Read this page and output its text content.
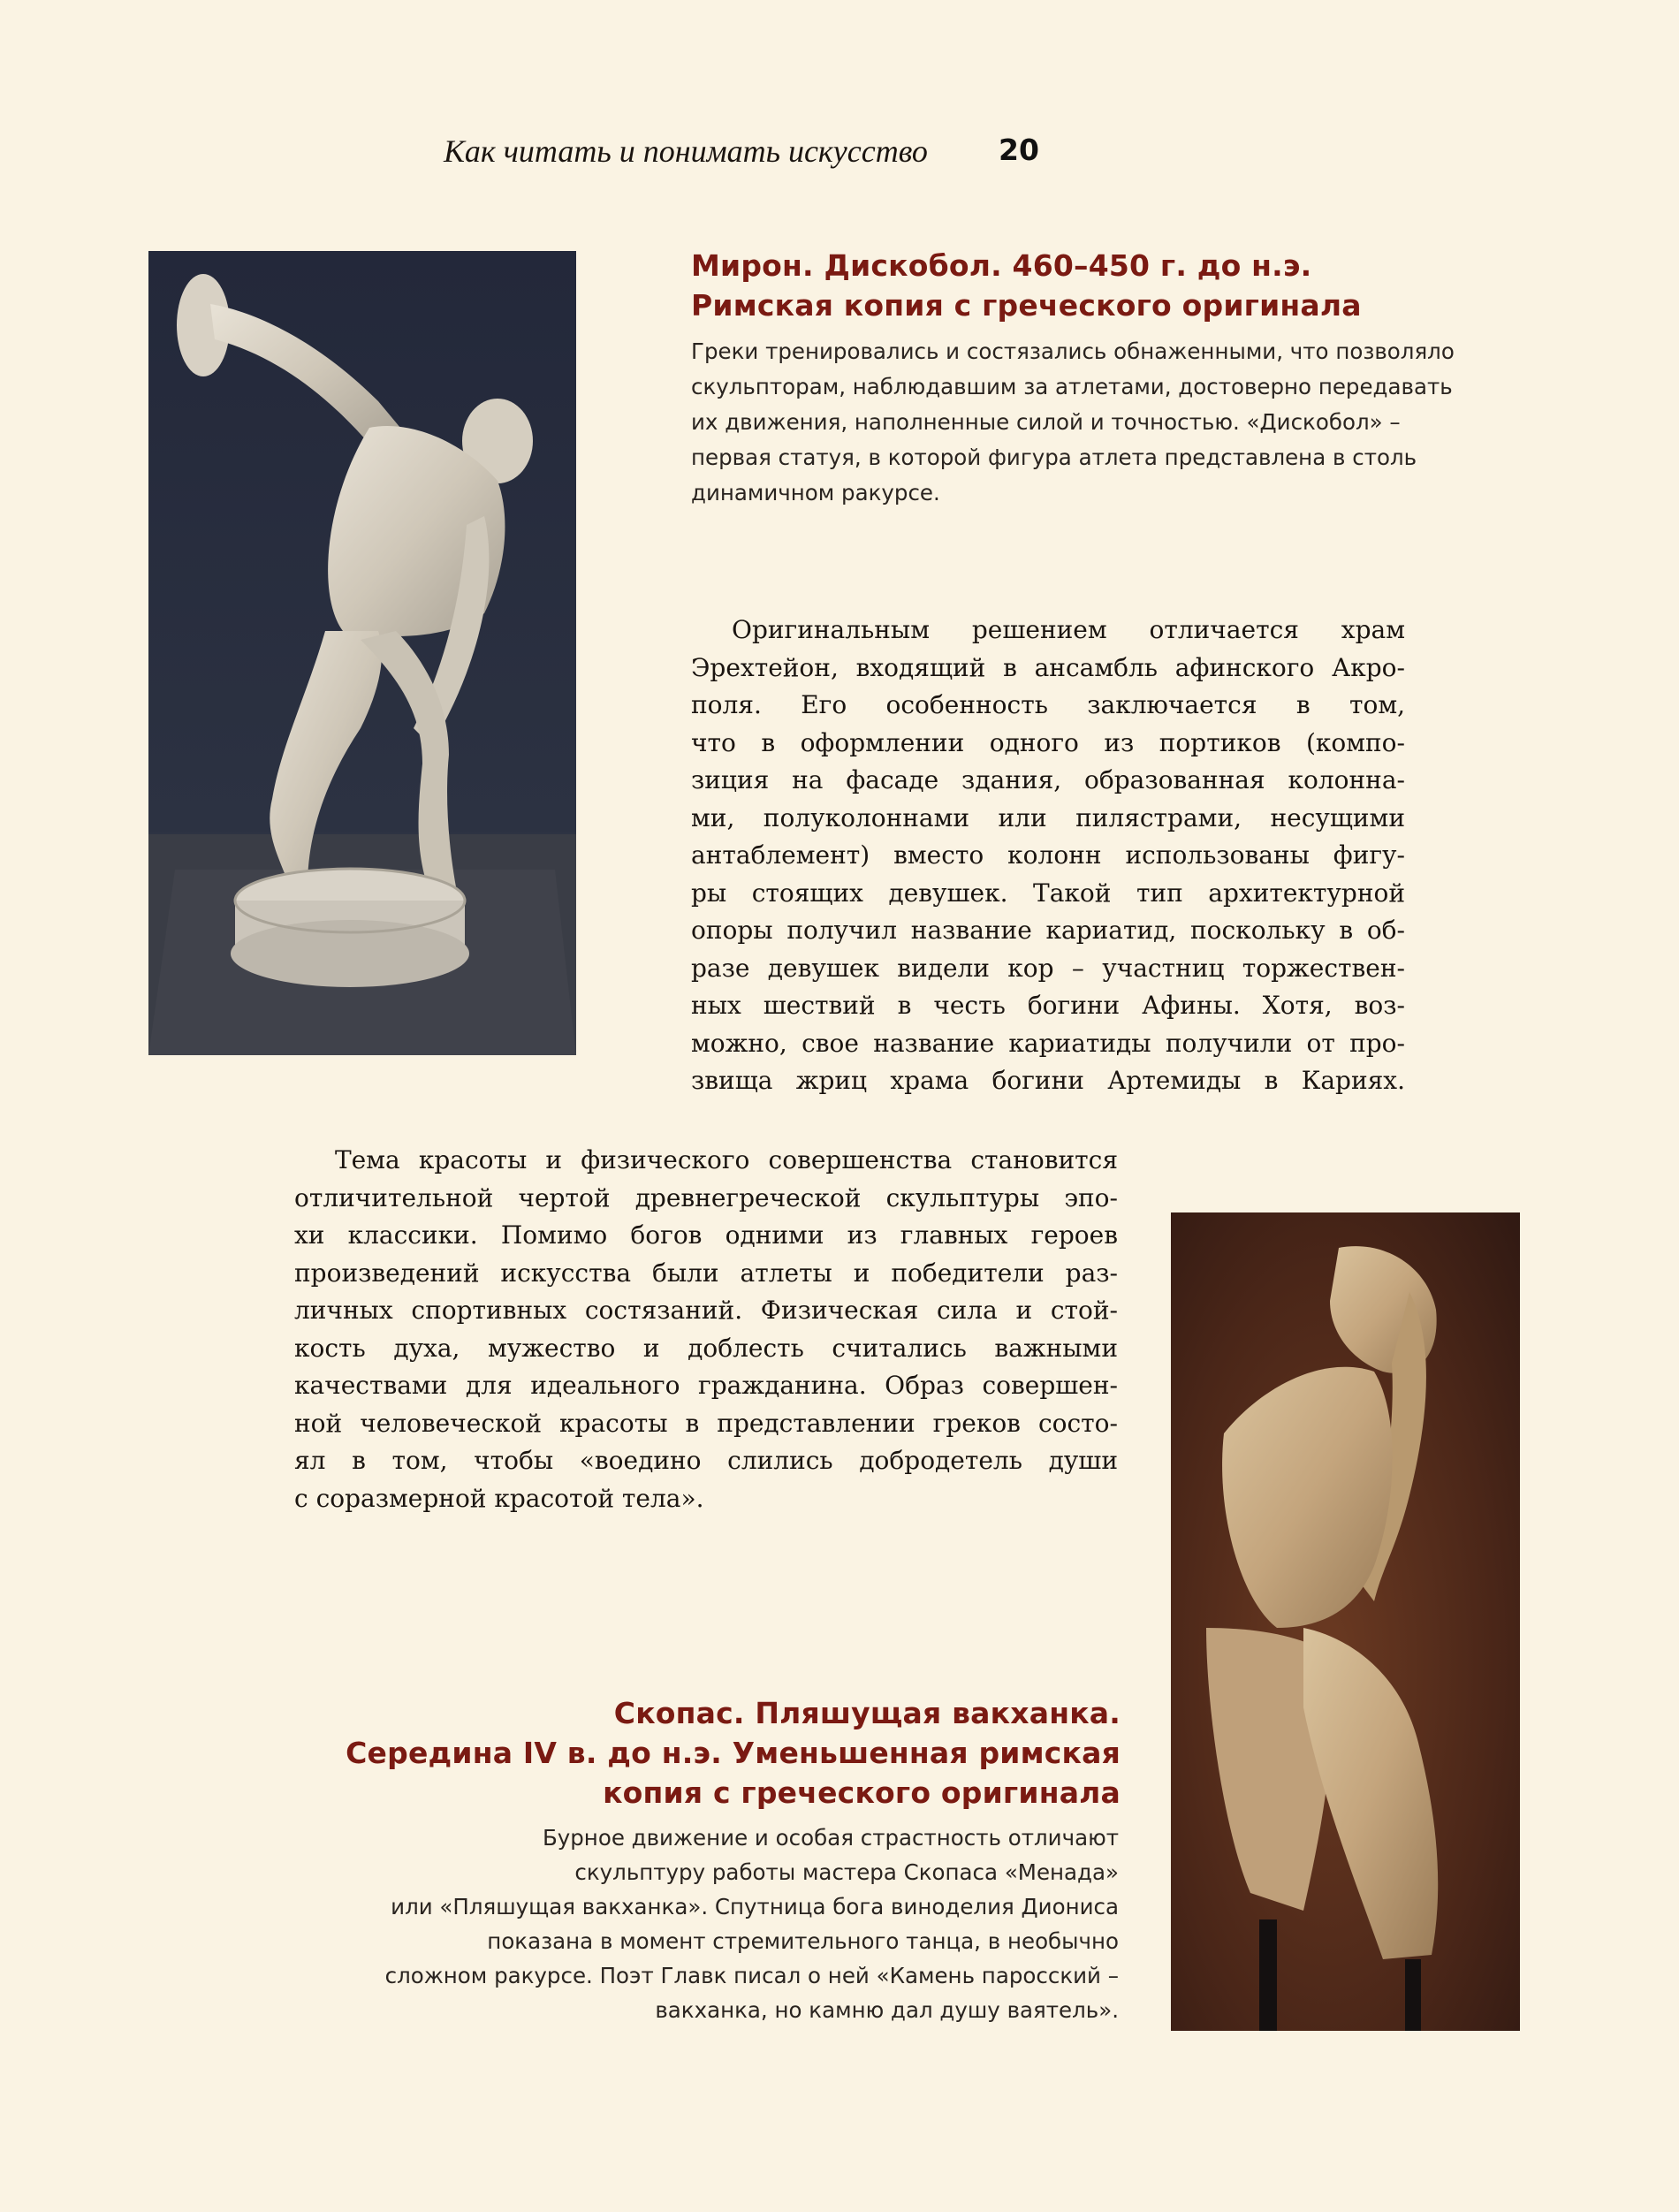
Как читать и понимать искусство 20
Мирон. Дискобол. 460–450 г. до н.э.
Римская копия с греческого оригинала
Греки тренировались и состязались обнаженными, что позволяло
скульпторам, наблюдавшим за атлетами, достоверно передавать
их движения, наполненные силой и точностью. «Дискобол» –
первая статуя, в которой фигура атлета представлена в столь
динамичном ракурсе.
Оригинальным решением отличается храм
Эрехтейон, входящий в ансамбль афинского Акро-
поля. Его особенность заключается в том,
что в оформлении одного из портиков (компо-
зиция на фасаде здания, образованная колонна-
ми, полуколоннами или пилястрами, несущими
антаблемент) вместо колонн использованы фигу-
ры стоящих девушек. Такой тип архитектурной
опоры получил название кариатид, поскольку в об-
разе девушек видели кор – участниц торжествен-
ных шествий в честь богини Афины. Хотя, воз-
можно, свое название кариатиды получили от про-
звища жриц храма богини Артемиды в Кариях.
Тема красоты и физического совершенства становится
отличительной чертой древнегреческой скульптуры эпо-
хи классики. Помимо богов одними из главных героев
произведений искусства были атлеты и победители раз-
личных спортивных состязаний. Физическая сила и стой-
кость духа, мужество и доблесть считались важными
качествами для идеального гражданина. Образ совершен-
ной человеческой красоты в представлении греков состо-
ял в том, чтобы «воедино слились добродетель души
с соразмерной красотой тела».
Скопас. Пляшущая вакханка.
Середина IV в. до н.э. Уменьшенная римская
копия с греческого оригинала
Бурное движение и особая страстность отличают
скульптуру работы мастера Скопаса «Менада»
или «Пляшущая вакханка». Спутница бога виноделия Диониса
показана в момент стремительного танца, в необычно
сложном ракурсе. Поэт Главк писал о ней «Камень паросский –
вакханка, но камню дал душу ваятель».
